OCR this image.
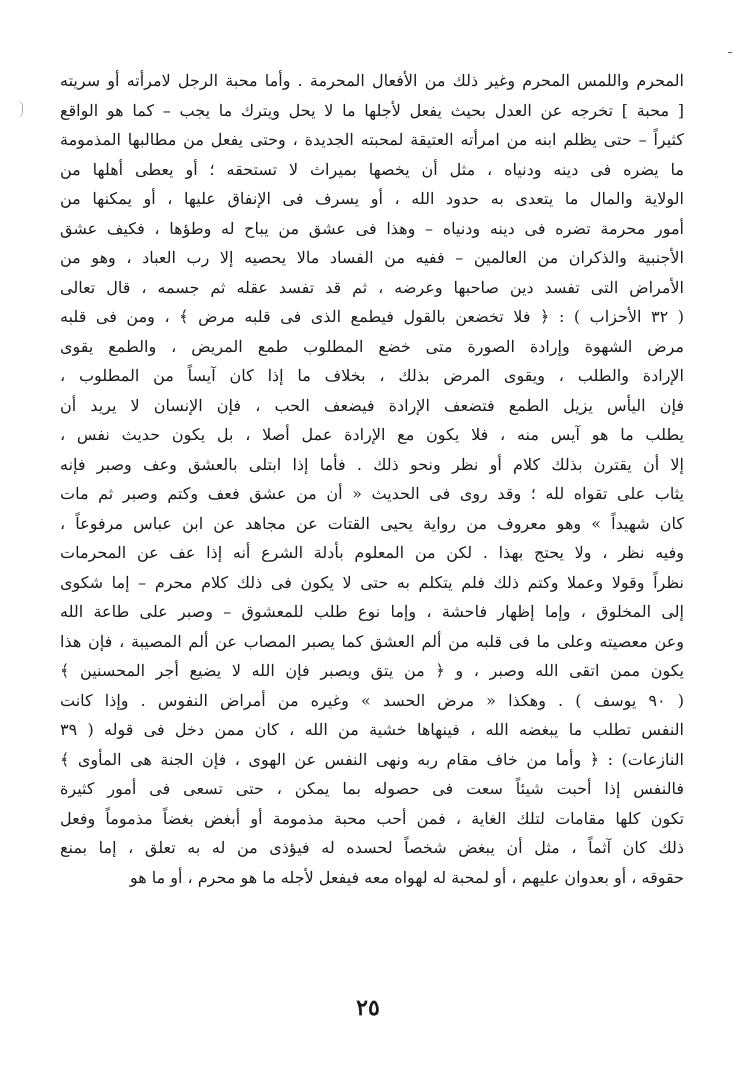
المحرم واللمس المحرم وغير ذلك من الأفعال المحرمة . وأما محبة الرجل لامرأته أو سريته
[ محبة ] تخرجه عن العدل بحيث يفعل لأجلها ما لا يحل ويترك ما يجب – كما هو الواقع
كثيراً – حتى يظلم ابنه من امرأته العتيقة لمحبته الجديدة ، وحتى يفعل من مطالبها المذمومة
ما يضره فى دينه ودنياه ، مثل أن يخصها بميراث لا تستحقه ؛ أو يعطى أهلها من
الولاية والمال ما يتعدى به حدود الله ، أو يسرف فى الإنفاق عليها ، أو يمكنها من
أمور محرمة تضره فى دينه ودنياه – وهذا فى عشق من يباح له وطؤها ، فكيف عشق
الأجنبية والذكران من العالمين – ففيه من الفساد مالا يحصيه إلا رب العباد ، وهو من
الأمراض التى تفسد دين صاحبها وعرضه ، ثم قد تفسد عقله ثم جسمه ، قال تعالى
( ٣٢ الأحزاب ) : ﴿ فلا تخضعن بالقول فيطمع الذى فى قلبه مرض ﴾ ، ومن فى قلبه
مرض الشهوة وإرادة الصورة متى خضع المطلوب طمع المريض ، والطمع يقوى
الإرادة والطلب ، ويقوى المرض بذلك ، بخلاف ما إذا كان آيساً من المطلوب ،
فإن اليأس يزيل الطمع فتضعف الإرادة فيضعف الحب ، فإن الإنسان لا يريد أن
يطلب ما هو آيس منه ، فلا يكون مع الإرادة عمل أصلا ، بل يكون حديث نفس ،
إلا أن يقترن بذلك كلام أو نظر ونحو ذلك . فأما إذا ابتلى بالعشق وعف وصبر فإنه
يثاب على تقواه لله ؛ وقد روى فى الحديث « أن من عشق فعف وكتم وصبر ثم مات
كان شهيداً » وهو معروف من رواية يحيى القتات عن مجاهد عن ابن عباس مرفوعاً ،
وفيه نظر ، ولا يحتج بهذا . لكن من المعلوم بأدلة الشرع أنه إذا عف عن المحرمات
نظراً وقولا وعملا وكتم ذلك فلم يتكلم به حتى لا يكون فى ذلك كلام محرم – إما شكوى
إلى المخلوق ، وإما إظهار فاحشة ، وإما نوع طلب للمعشوق – وصبر على طاعة الله
وعن معصيته وعلى ما فى قلبه من ألم العشق كما يصبر المصاب عن ألم المصيبة ، فإن هذا
يكون ممن اتقى الله وصبر ، و ﴿ من يتق ويصبر فإن الله لا يضيع أجر المحسنين ﴾
( ٩٠ يوسف ) . وهكذا « مرض الحسد » وغيره من أمراض النفوس . وإذا كانت
النفس تطلب ما يبغضه الله ، فينهاها خشية من الله ، كان ممن دخل فى قوله ( ٣٩
النازعات) : ﴿ وأما من خاف مقام ربه ونهى النفس عن الهوى ، فإن الجنة هى المأوى ﴾
فالنفس إذا أحبت شيئاً سعت فى حصوله بما يمكن ، حتى تسعى فى أمور كثيرة
تكون كلها مقامات لتلك الغاية ، فمن أحب محبة مذمومة أو أبغض بغضاً مذموماً وفعل
ذلك كان آثماً ، مثل أن يبغض شخصاً لحسده له فيؤذى من له به تعلق ، إما بمنع
حقوقه ، أو بعدوان عليهم ، أو لمحبة له لهواه معه فيفعل لأجله ما هو محرم ، أو ما هو
٢٥
